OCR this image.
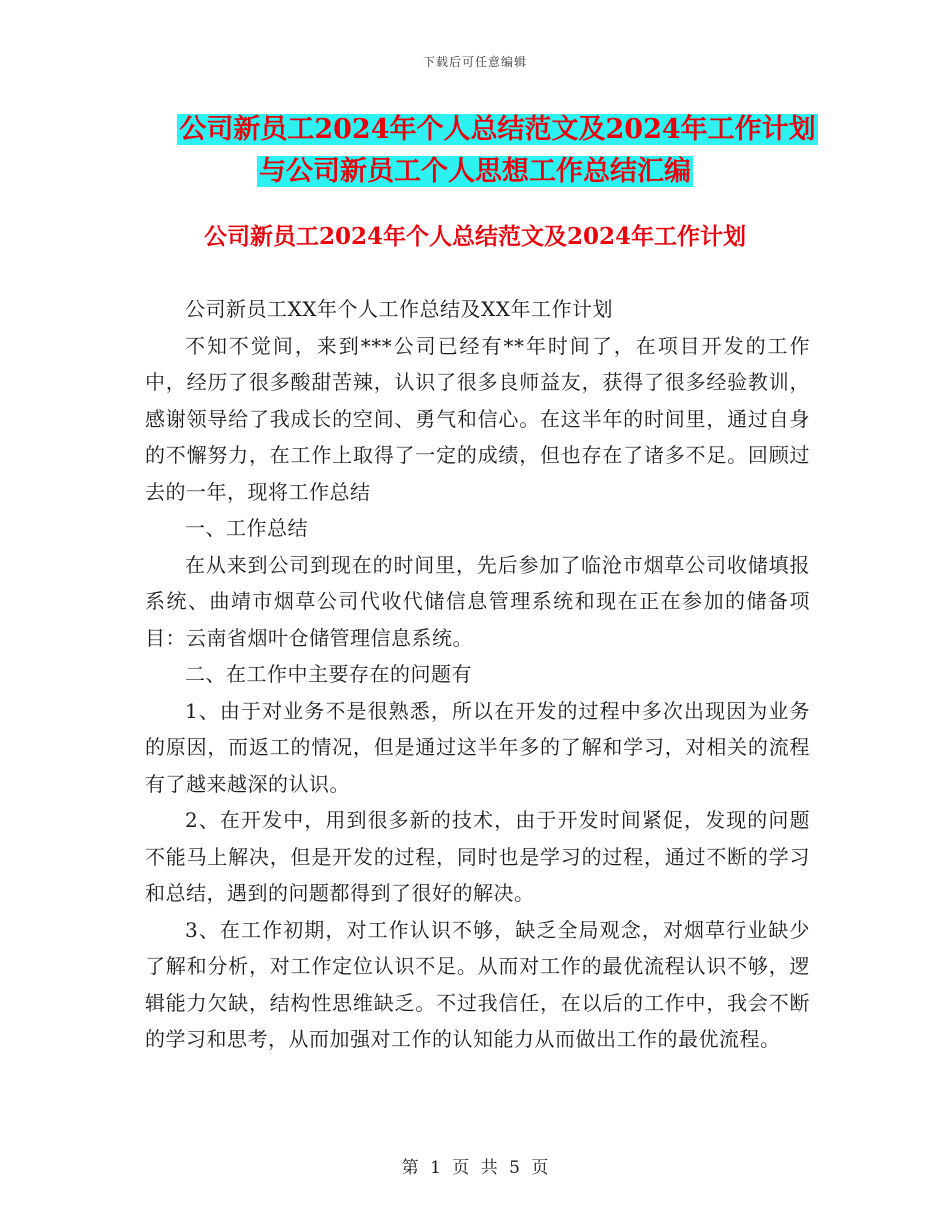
下载后可任意编辑
公司新员工2024年个人总结范文及2024年工作计划
与公司新员工个人思想工作总结汇编
公司新员工2024年个人总结范文及2024年工作计划

公司新员工XX年个人工作总结及XX年工作计划

不知不觉间，来到***公司已经有**年时间了，在项目开发的工作中，经历了很多酸甜苦辣，认识了很多良师益友，获得了很多经验教训，感谢领导给了我成长的空间、勇气和信心。在这半年的时间里，通过自身的不懈努力，在工作上取得了一定的成绩，但也存在了诸多不足。回顾过去的一年，现将工作总结

一、工作总结

在从来到公司到现在的时间里，先后参加了临沧市烟草公司收储填报系统、曲靖市烟草公司代收代储信息管理系统和现在正在参加的储备项目：云南省烟叶仓储管理信息系统。

二、在工作中主要存在的问题有

1、由于对业务不是很熟悉，所以在开发的过程中多次出现因为业务的原因，而返工的情况，但是通过这半年多的了解和学习，对相关的流程有了越来越深的认识。

2、在开发中，用到很多新的技术，由于开发时间紧促，发现的问题不能马上解决，但是开发的过程，同时也是学习的过程，通过不断的学习和总结，遇到的问题都得到了很好的解决。

3、在工作初期，对工作认识不够，缺乏全局观念，对烟草行业缺少了解和分析，对工作定位认识不足。从而对工作的最优流程认识不够，逻辑能力欠缺，结构性思维缺乏。不过我信任，在以后的工作中，我会不断的学习和思考，从而加强对工作的认知能力从而做出工作的最优流程。

第 1 页 共 5 页
